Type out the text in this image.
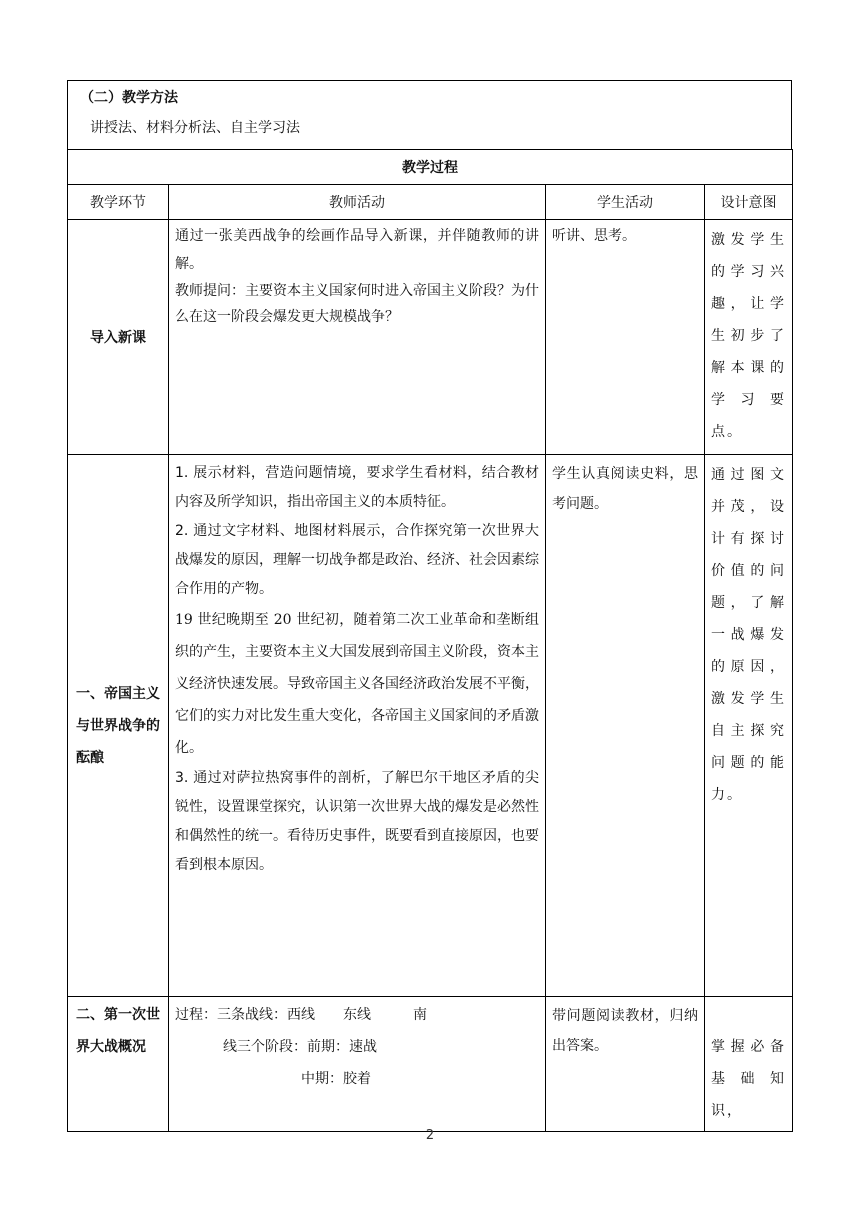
（二）教学方法
讲授法、材料分析法、自主学习法
教学过程			
教学环节	教师活动	学生活动	设计意图
导入新课	通过一张美西战争的绘画作品导入新课，并伴随教师的讲解。

教师提问：主要资本主义国家何时进入帝国主义阶段？为什么在这一阶段会爆发更大规模战争？	听讲、思考。	激发学生的学习兴趣，让学生初步了解本课的学习要点。

一、帝国主义与世界战争的酝酿	1. 展示材料，营造问题情境，要求学生看材料，结合教材内容及所学知识，指出帝国主义的本质特征。

2. 通过文字材料、地图材料展示，合作探究第一次世界大战爆发的原因，理解一切战争都是政治、经济、社会因素综合作用的产物。

19 世纪晚期至 20 世纪初，随着第二次工业革命和垄断组织的产生，主要资本主义大国发展到帝国主义阶段，资本主义经济快速发展。导致帝国主义各国经济政治发展不平衡，它们的实力对比发生重大变化，各帝国主义国家间的矛盾激化。

3. 通过对萨拉热窝事件的剖析，了解巴尔干地区矛盾的尖锐性，设置课堂探究，认识第一次世界大战的爆发是必然性和偶然性的统一。看待历史事件，既要看到直接原因，也要看到根本原因。	学生认真阅读史料，思考问题。	通过图文并茂，设计有探讨价值的问题，了解一战爆发的原因，激发学生自主探究问题的能力。

二、第一次世界大战概况	过程：三条战线：西线　　东线　　　南

线三个阶段：前期：速战

中期：胶着	带问题阅读教材，归纳出答案。	掌握必备基础知识，
2
